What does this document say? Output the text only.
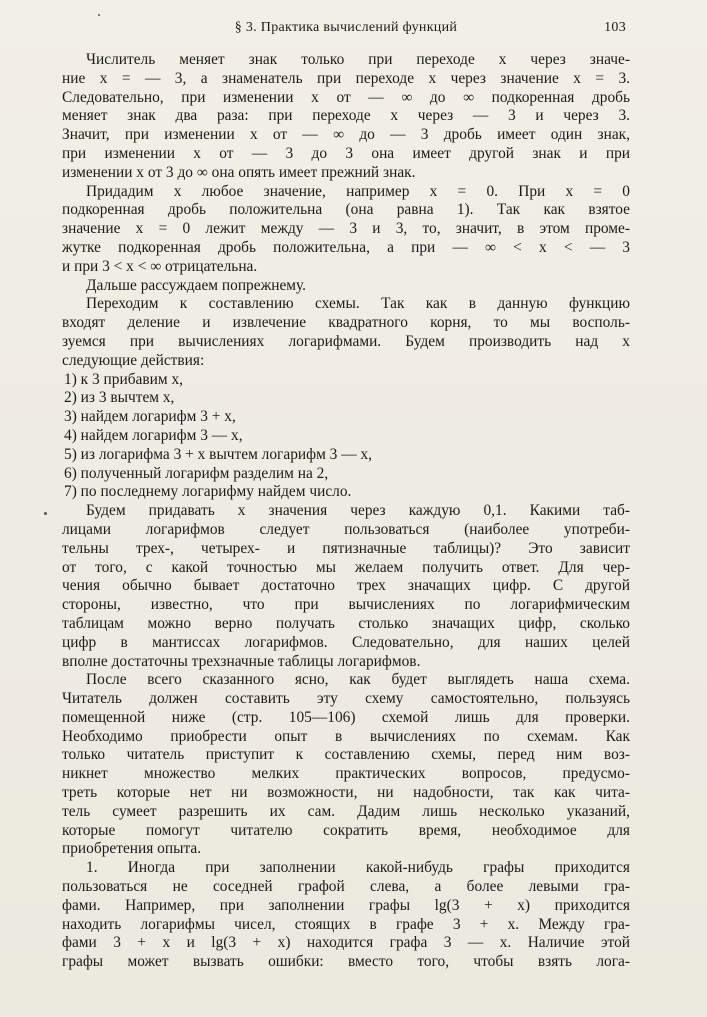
§ 3. Практика вычислений функций	103
Числитель меняет знак только при переходе x через значе-
ние x = — 3, а знаменатель при переходе x через значение x = 3.
Следовательно, при изменении x от — ∞ до ∞ подкоренная дробь
меняет знак два раза: при переходе x через — 3 и через 3.
Значит, при изменении x от — ∞ до — 3 дробь имеет один знак,
при изменении x от — 3 до 3 она имеет другой знак и при
изменении x от 3 до ∞ она опять имеет прежний знак.
Придадим x любое значение, например x = 0. При x = 0
подкоренная дробь положительна (она равна 1). Так как взятое
значение x = 0 лежит между — 3 и 3, то, значит, в этом проме-
жутке подкоренная дробь положительна, а при — ∞ < x < — 3
и при 3 < x < ∞ отрицательна.
Дальше рассуждаем попрежнему.
Переходим к составлению схемы. Так как в данную функцию
входят деление и извлечение квадратного корня, то мы восполь-
зуемся при вычислениях логарифмами. Будем производить над x
следующие действия:
1) к 3 прибавим x,
2) из 3 вычтем x,
3) найдем логарифм 3 + x,
4) найдем логарифм 3 — x,
5) из логарифма 3 + x вычтем логарифм 3 — x,
6) полученный логарифм разделим на 2,
7) по последнему логарифму найдем число.
Будем придавать x значения через каждую 0,1. Какими таб-
лицами логарифмов следует пользоваться (наиболее употреби-
тельны трех-, четырех- и пятизначные таблицы)? Это зависит
от того, с какой точностью мы желаем получить ответ. Для чер-
чения обычно бывает достаточно трех значащих цифр. С другой
стороны, известно, что при вычислениях по логарифмическим
таблицам можно верно получать столько значащих цифр, сколько
цифр в мантиссах логарифмов. Следовательно, для наших целей
вполне достаточны трехзначные таблицы логарифмов.
После всего сказанного ясно, как будет выглядеть наша схема.
Читатель должен составить эту схему самостоятельно, пользуясь
помещенной ниже (стр. 105—106) схемой лишь для проверки.
Необходимо приобрести опыт в вычислениях по схемам. Как
только читатель приступит к составлению схемы, перед ним воз-
никнет множество мелких практических вопросов, предусмо-
треть которые нет ни возможности, ни надобности, так как чита-
тель сумеет разрешить их сам. Дадим лишь несколько указаний,
которые помогут читателю сократить время, необходимое для
приобретения опыта.
1. Иногда при заполнении какой-нибудь графы приходится
пользоваться не соседней графой слева, а более левыми гра-
фами. Например, при заполнении графы lg(3 + x) приходится
находить логарифмы чисел, стоящих в графе 3 + x. Между гра-
фами 3 + x и lg(3 + x) находится графа 3 — x. Наличие этой
графы может вызвать ошибки: вместо того, чтобы взять лога-
